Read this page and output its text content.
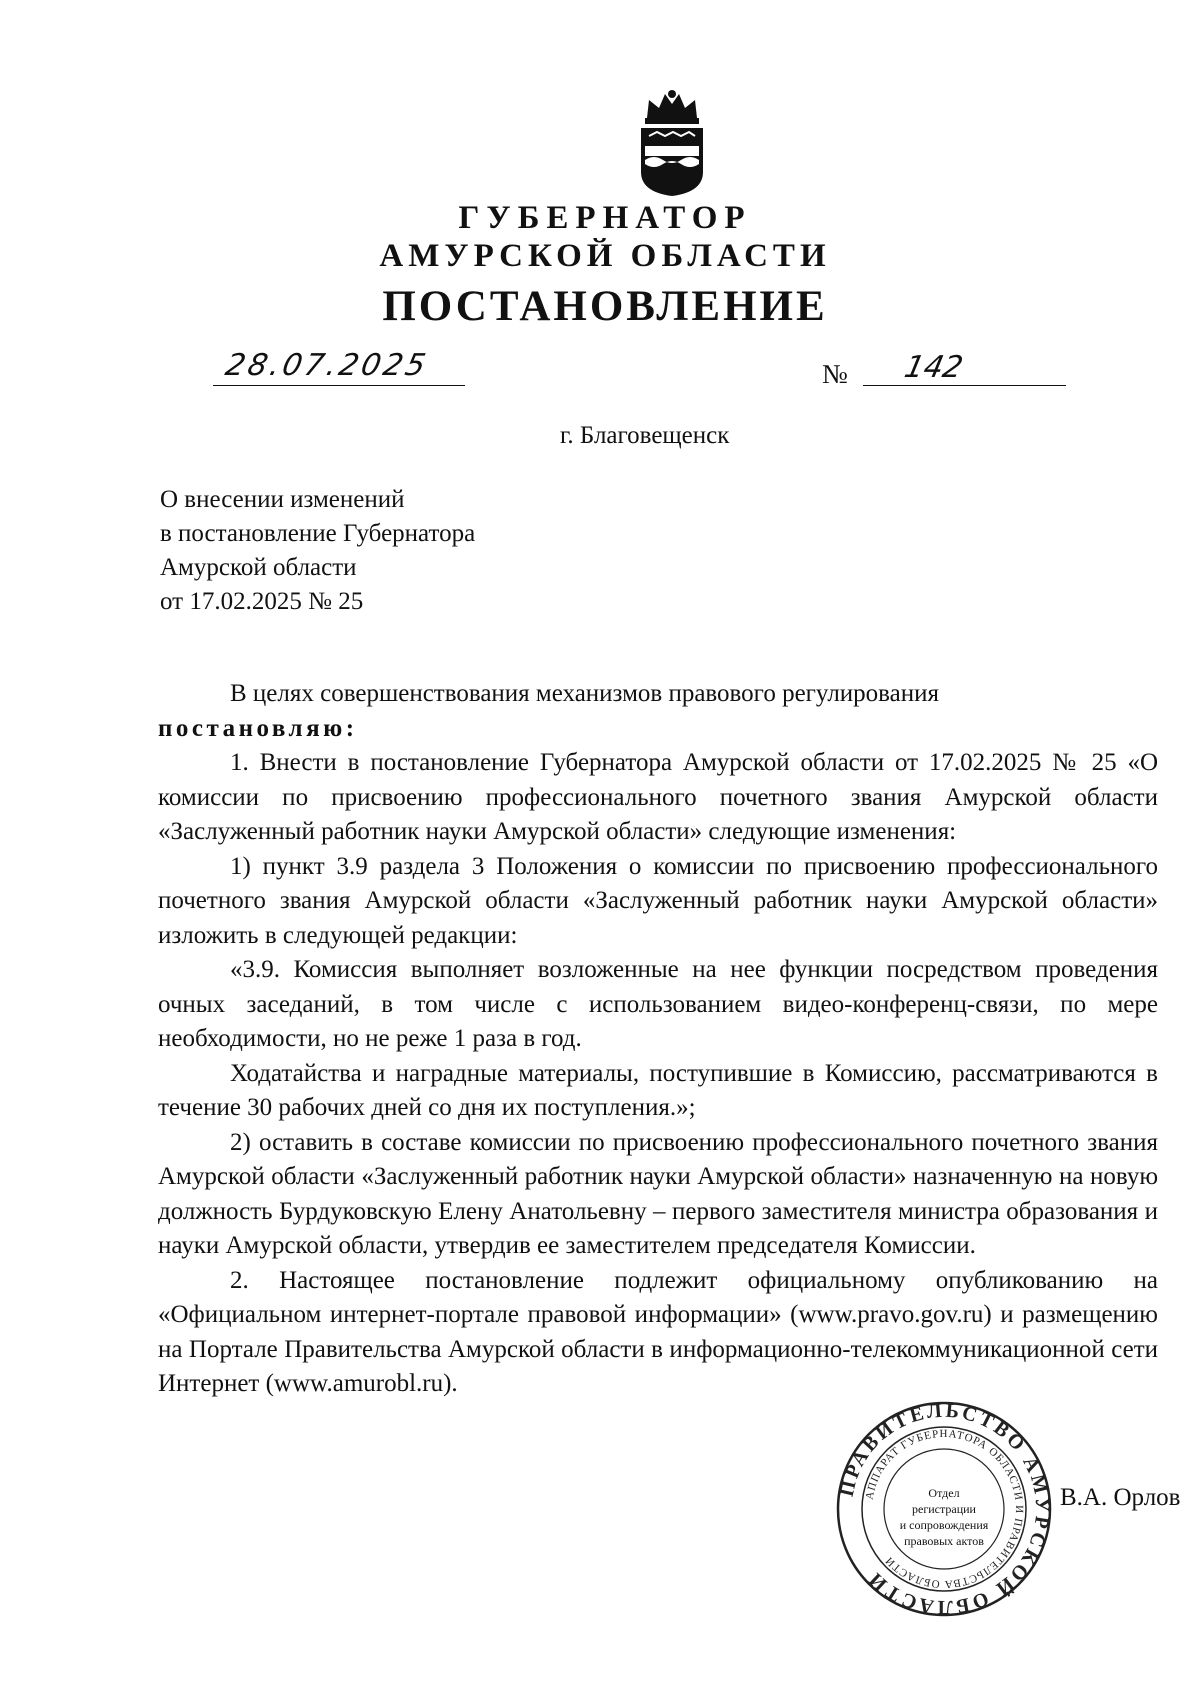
ГУБЕРНАТОР
АМУРСКОЙ ОБЛАСТИ
ПОСТАНОВЛЕНИЕ
28.07.2025	№ 142
г. Благовещенск
О внесении изменений
в постановление Губернатора
Амурской области
от 17.02.2025 № 25

В целях совершенствования механизмов правового регулирования

постановляю:

1. Внести в постановление Губернатора Амурской области от 17.02.2025 № 25 «О комиссии по присвоению профессионального почетного звания Амурской области «Заслуженный работник науки Амурской области» следующие изменения:

1) пункт 3.9 раздела 3 Положения о комиссии по присвоению профессионального почетного звания Амурской области «Заслуженный работник науки Амурской области» изложить в следующей редакции:

«3.9. Комиссия выполняет возложенные на нее функции посредством проведения очных заседаний, в том числе с использованием видео-конференц-связи, по мере необходимости, но не реже 1 раза в год.

Ходатайства и наградные материалы, поступившие в Комиссию, рассматриваются в течение 30 рабочих дней со дня их поступления.»;

2) оставить в составе комиссии по присвоению профессионального почетного звания Амурской области «Заслуженный работник науки Амурской области» назначенную на новую должность Бурдуковскую Елену Анатольевну – первого заместителя министра образования и науки Амурской области, утвердив ее заместителем председателя Комиссии.

2. Настоящее постановление подлежит официальному опубликованию на «Официальном интернет-портале правовой информации» (www.pravo.gov.ru) и размещению на Портале Правительства Амурской области в информационно-телекоммуникационной сети Интернет (www.amurobl.ru).

В.А. Орлов
ПРАВИТЕЛЬСТВО АМУРСКОЙ ОБЛАСТИ
АППАРАТ ГУБЕРНАТОРА ОБЛАСТИ И ПРАВИТЕЛЬСТВА ОБЛАСТИ
Отдел
регистрации
и сопровождения
правовых актов
